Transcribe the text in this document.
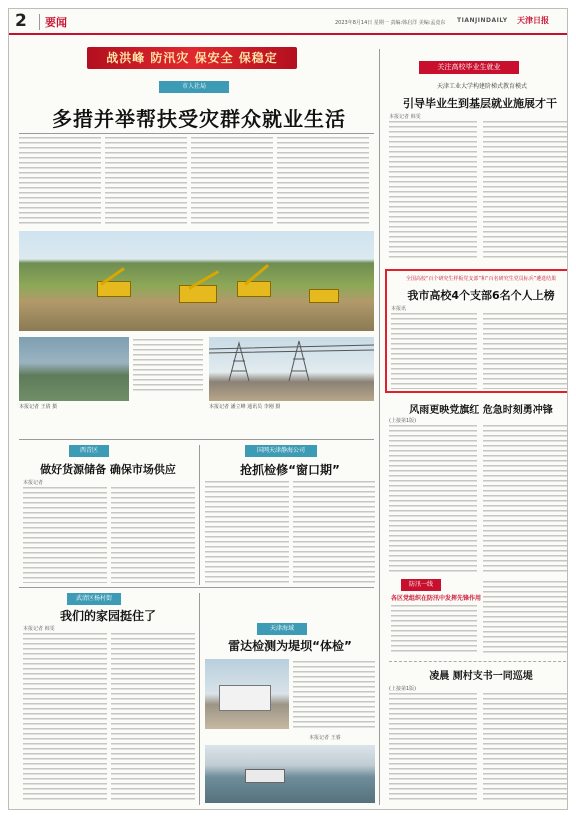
2	要闻	2023年8月14日 星期一 责编:韩启洋 美编:孟竟东 TIANJINDAILY 天津日报
战洪峰 防汛灾 保安全 保稳定
市人社局
多措并举帮扶受灾群众就业生活
本报记者 王倩 摄	本报记者 潘立峰 通讯员 李刚 摄
西青区
做好货源储备 确保市场供应
本报记者
国网天津静海公司
抢抓检修“窗口期”
武清区杨村街
我们的家园挺住了
本报记者 韩雯	天津海域
雷达检测为堤坝“体检”
本报记者 王睿
关注高校毕业生就业
天津工业大学构建阶梯式教育模式
引导毕业生到基层就业施展才干
本报记者 韩雯
全国高校“百个研究生样板党支部”和“百名研究生党员标兵”遴选结果
我市高校4个支部6名个人上榜
本报讯
风雨更映党旗红 危急时刻勇冲锋
(上接第1版)
防汛一线
各区党组织在防汛中发挥先锋作用
凌晨 厕村支书一同巡堤
(上接第1版)
